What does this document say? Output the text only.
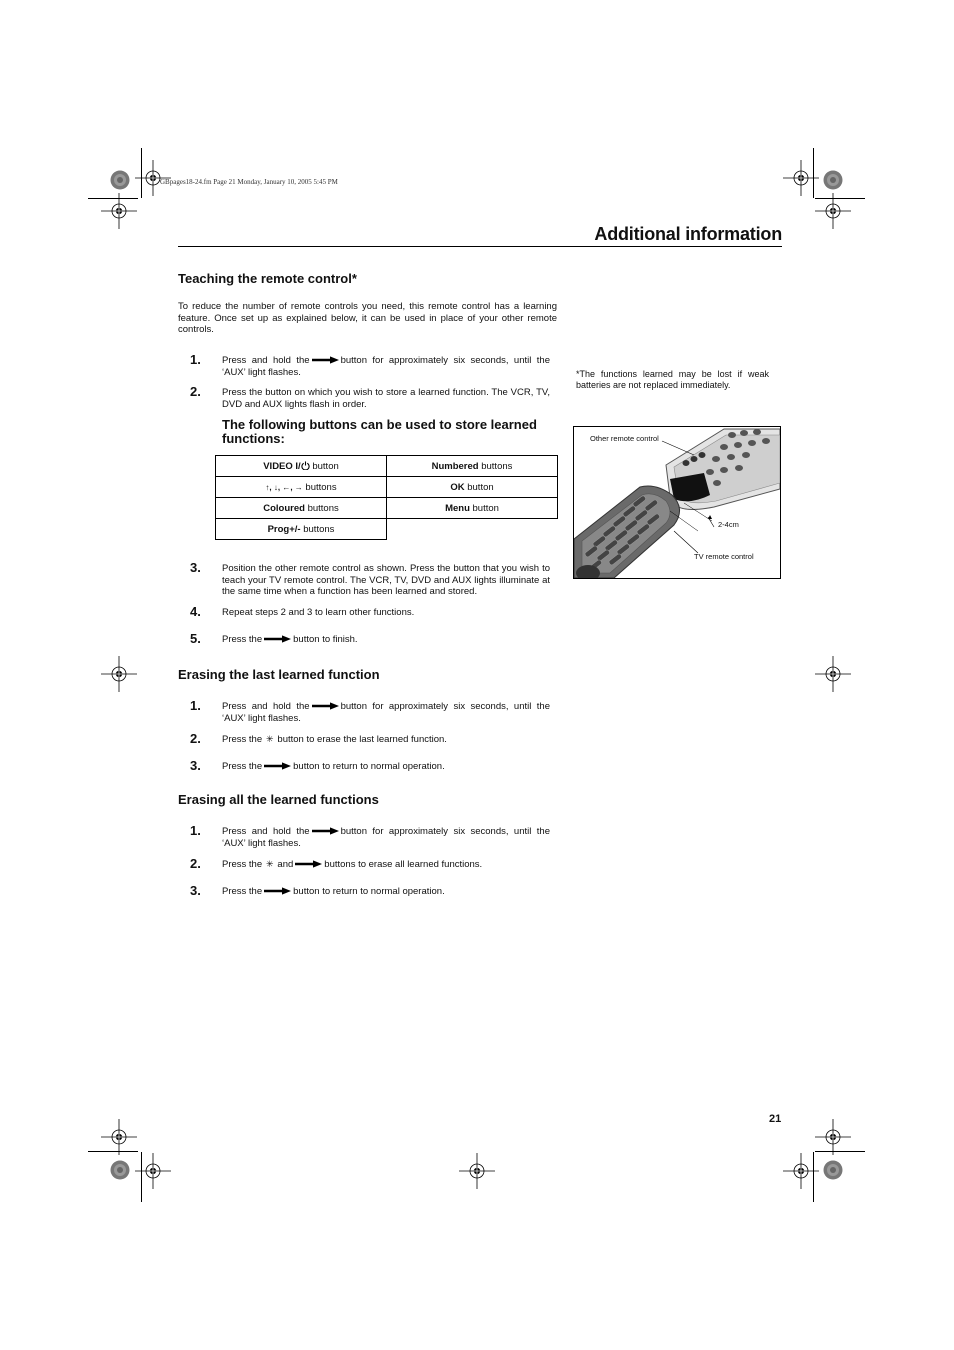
GBpages18-24.fm Page 21 Monday, January 10, 2005 5:45 PM
Additional information
Teaching the remote control*
To reduce the number of remote controls you need, this remote control has a learning feature. Once set up as explained below, it can be used in place of your other remote controls.
1. Press and hold the	button for approximately six seconds, until the ‘AUX’ light flashes.
2. Press the button on which you wish to store a learned function. The VCR, TV, DVD and AUX lights flash in order.
The following buttons can be used to store learned functions:
VIDEO I/ button	Numbered buttons
↑, ↓, ←, → buttons	OK button
Coloured buttons	Menu button
Prog+/- buttons	
3. Position the other remote control as shown. Press the button that you wish to teach your TV remote control. The VCR, TV, DVD and AUX lights illuminate at the same time when a function has been learned and stored.
4. Repeat steps 2 and 3 to learn other functions.
5. Press the	button to finish.
Erasing the last learned function
1. Press and hold the	button for approximately six seconds, until the ‘AUX’ light flashes.
2. Press the ✳ button to erase the last learned function.
3. Press the	button to return to normal operation.
Erasing all the learned functions
1. Press and hold the	button for approximately six seconds, until the ‘AUX’ light flashes.
2. Press the ✳ and	buttons to erase all learned functions.
3. Press the	button to return to normal operation.
*The functions learned may be lost if weak batteries are not replaced immediately.
Other remote control
2-4cm
TV remote control
21
